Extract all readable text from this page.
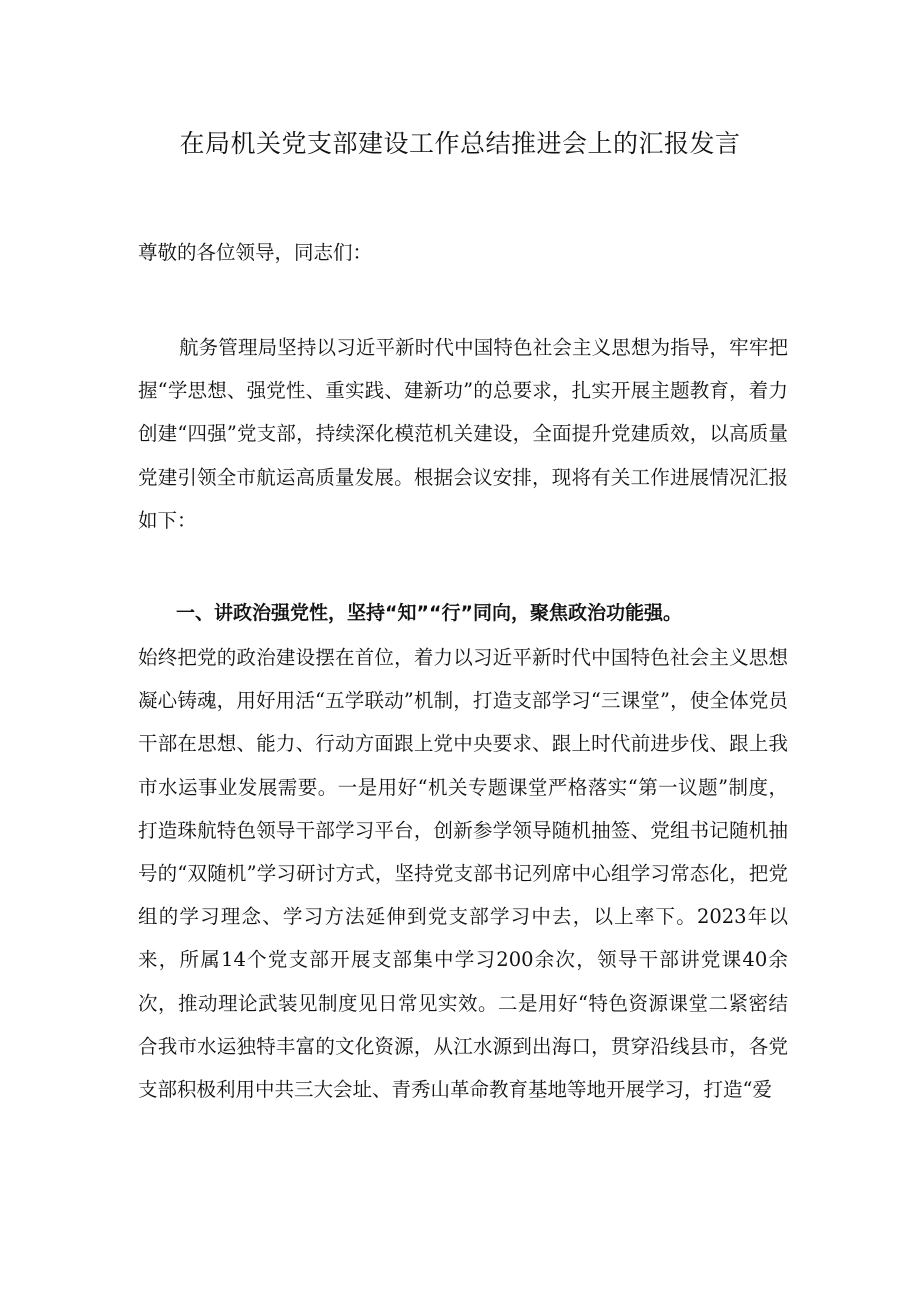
在局机关党支部建设工作总结推进会上的汇报发言
尊敬的各位领导，同志们：
航务管理局坚持以习近平新时代中国特色社会主义思想为指导，牢牢把握“学思想、强党性、重实践、建新功”的总要求，扎实开展主题教育，着力创建“四强”党支部，持续深化模范机关建设，全面提升党建质效，以高质量党建引领全市航运高质量发展。根据会议安排，现将有关工作进展情况汇报如下：
一、讲政治强党性，坚持“知”“行”同向，聚焦政治功能强。
始终把党的政治建设摆在首位，着力以习近平新时代中国特色社会主义思想凝心铸魂，用好用活“五学联动”机制，打造支部学习“三课堂”，使全体党员干部在思想、能力、行动方面跟上党中央要求、跟上时代前进步伐、跟上我市水运事业发展需要。一是用好“机关专题课堂严格落实“第一议题”制度，打造珠航特色领导干部学习平台，创新参学领导随机抽签、党组书记随机抽号的“双随机”学习研讨方式，坚持党支部书记列席中心组学习常态化，把党组的学习理念、学习方法延伸到党支部学习中去，以上率下。2023年以来，所属14个党支部开展支部集中学习200余次，领导干部讲党课40余次，推动理论武装见制度见日常见实效。二是用好“特色资源课堂二紧密结合我市水运独特丰富的文化资源，从江水源到出海口，贯穿沿线县市，各党支部积极利用中共三大会址、青秀山革命教育基地等地开展学习，打造“爱
